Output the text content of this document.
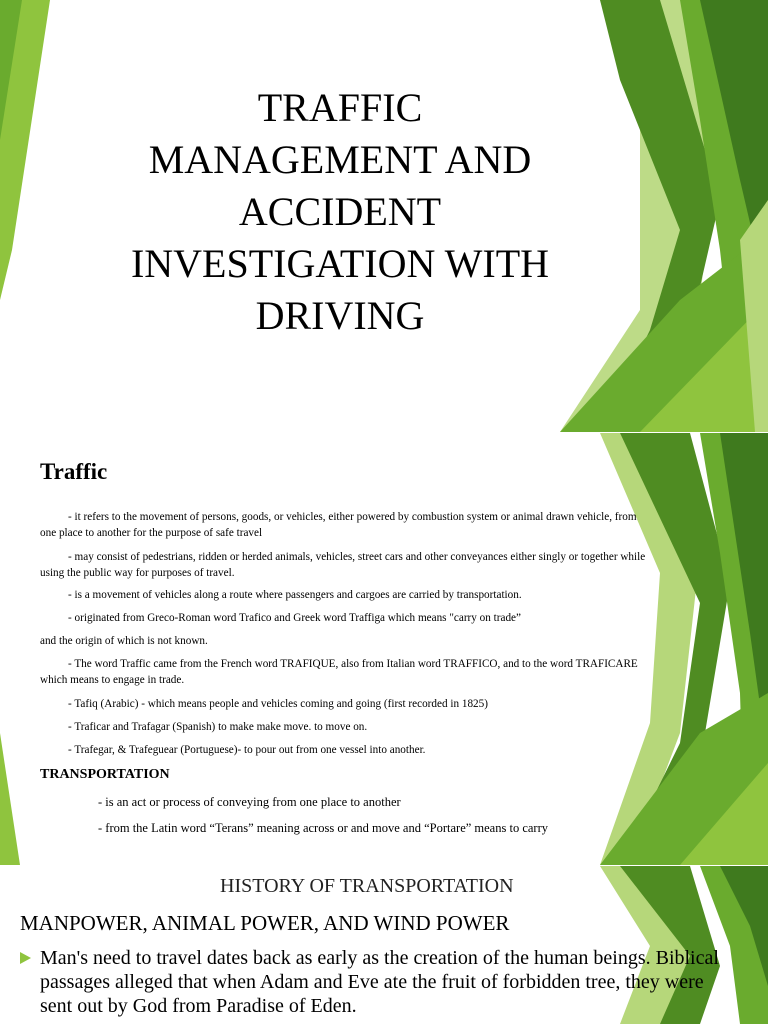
TRAFFIC
MANAGEMENT AND
ACCIDENT
INVESTIGATION WITH
DRIVING
Traffic

- it refers to the movement of persons, goods, or vehicles, either powered by combustion system or animal drawn vehicle, from

one place to another for the purpose of safe travel

- may consist of pedestrians, ridden or herded animals, vehicles, street cars and other conveyances either singly or together while

using the public way for purposes of travel.

- is a movement of vehicles along a route where passengers and cargoes are carried by transportation.

- originated from Greco-Roman word Trafico and Greek word Traffiga which means "carry on trade”

and the origin of which is not known.

- The word Traffic came from the French word TRAFIQUE, also from Italian word TRAFFICO, and to the word TRAFICARE

which means to engage in trade.

- Tafiq (Arabic) - which means people and vehicles coming and going (first recorded in 1825)

- Traficar and Trafagar (Spanish) to make make move. to move on.

- Trafegar, & Trafeguear (Portuguese)- to pour out from one vessel into another.

TRANSPORTATION

- is an act or process of conveying from one place to another

- from the Latin word “Terans” meaning across or and move and “Portare” means to carry

HISTORY OF TRANSPORTATION
MANPOWER, ANIMAL POWER, AND WIND POWER

Man's need to travel dates back as early as the creation of the human beings. Biblical passages alleged that when Adam and Eve ate the fruit of forbidden tree, they were sent out by God from Paradise of Eden.
